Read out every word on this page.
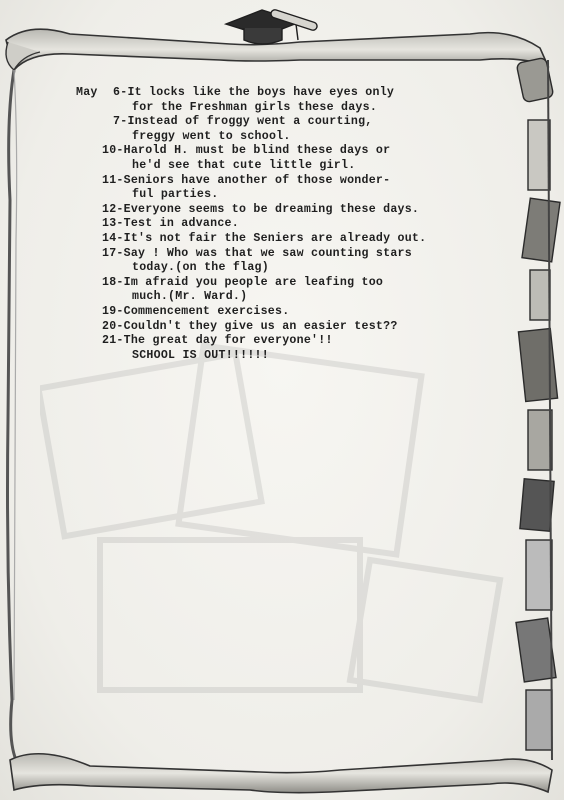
May 6-It locks like the boys have eyes only
for the Freshman girls these days.
7-Instead of froggy went a courting,
freggy went to school.
10-Harold H. must be blind these days or
he'd see that cute little girl.
11-Seniors have another of those wonder-
ful parties.
12-Everyone seems to be dreaming these days.
13-Test in advance.
14-It's not fair the Seniers are already out.
17-Say ! Who was that we saw counting stars
today.(on the flag)
18-Im afraid you people are leafing too
much.(Mr. Ward.)
19-Commencement exercises.
20-Couldn't they give us an easier test??
21-The great day for everyone'!!
SCHOOL IS OUT!!!!!!
